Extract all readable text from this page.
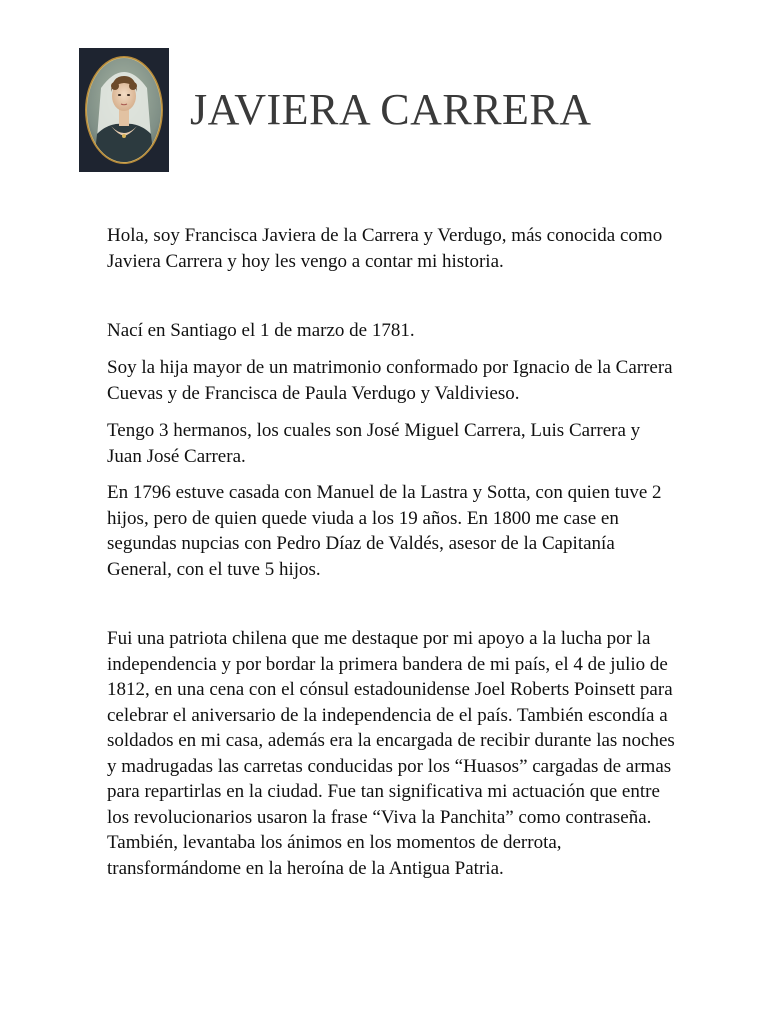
JAVIERA CARRERA

Hola, soy Francisca Javiera de la Carrera y Verdugo, más conocida como Javiera Carrera y hoy les vengo a contar mi historia.

Nací en Santiago el 1 de marzo de 1781.

Soy la hija mayor de un matrimonio conformado por Ignacio de la Carrera Cuevas y de Francisca de Paula Verdugo y Valdivieso.

Tengo 3 hermanos, los cuales son José Miguel Carrera, Luis Carrera y Juan José Carrera.

En 1796 estuve casada con Manuel de la Lastra y Sotta, con quien tuve 2 hijos, pero de quien quede viuda a los 19 años. En 1800 me case en segundas nupcias con Pedro Díaz de Valdés, asesor de la Capitanía General, con el tuve 5 hijos.

Fui una patriota chilena que me destaque por mi apoyo a la lucha por la independencia y por bordar la primera bandera de mi país, el 4 de julio de 1812, en una cena con el cónsul estadounidense Joel Roberts Poinsett para celebrar el aniversario de la independencia de el país. También escondía a soldados en mi casa, además era la encargada de recibir durante las noches y madrugadas las carretas conducidas por los “Huasos” cargadas de armas para repartirlas en la ciudad. Fue tan significativa mi actuación que entre los revolucionarios usaron la frase “Viva la Panchita” como contraseña. También, levantaba los ánimos en los momentos de derrota, transformándome en la heroína de la Antigua Patria.
